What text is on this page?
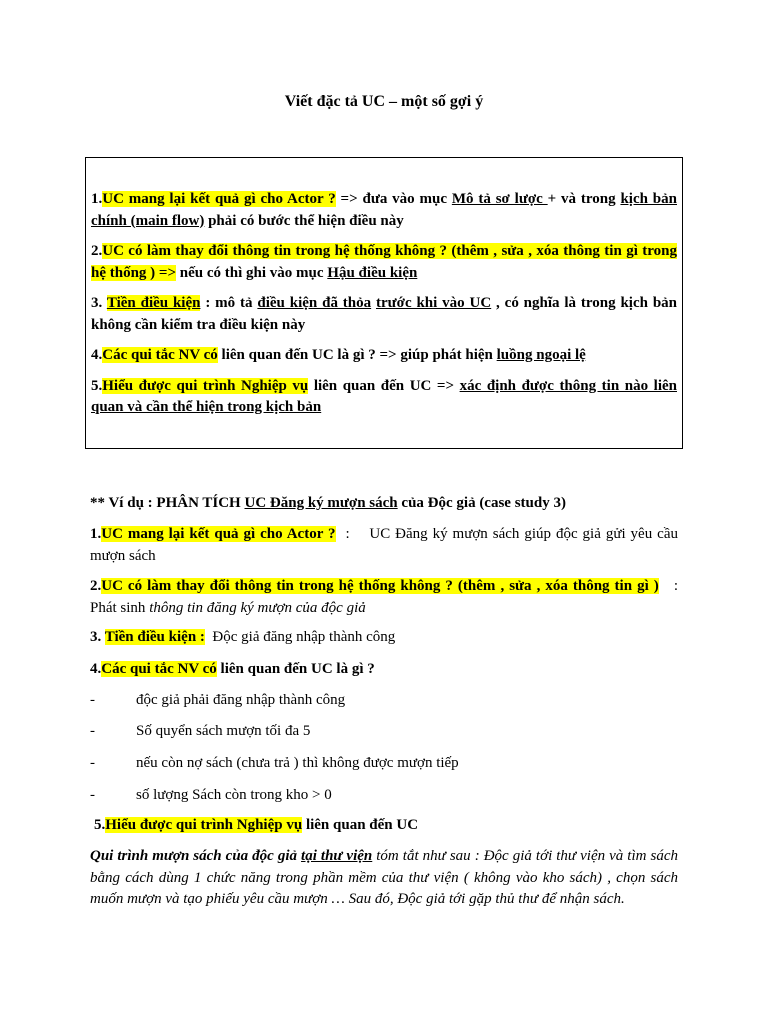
Viết đặc tả UC – một số gợi ý

1.UC mang lại kết quả gì cho Actor ? => đưa vào mục Mô tả sơ lược + và trong kịch bản chính (main flow) phải có bước thể hiện điều này

2.UC có làm thay đổi thông tin trong hệ thống không ? (thêm , sửa , xóa thông tin gì trong hệ thống ) => nếu có thì ghi vào mục Hậu điều kiện

3. Tiền điều kiện : mô tả điều kiện đã thỏa trước khi vào UC , có nghĩa là trong kịch bản không cần kiểm tra điều kiện này

4.Các qui tắc NV có liên quan đến UC là gì ? => giúp phát hiện luồng ngoại lệ

5.Hiểu được qui trình Nghiệp vụ liên quan đến UC => xác định được thông tin nào liên quan và cần thể hiện trong kịch bản

** Ví dụ : PHÂN TÍCH UC Đăng ký mượn sách của Độc giả (case study 3)

1.UC mang lại kết quả gì cho Actor ?  :    UC Đăng ký mượn sách giúp độc giả gửi yêu cầu mượn sách

2.UC có làm thay đổi thông tin trong hệ thống không ? (thêm , sửa , xóa thông tin gì )   : Phát sinh thông tin đăng ký mượn của độc giả

3. Tiền điều kiện :  Độc giả đăng nhập thành công

4.Các qui tắc NV có liên quan đến UC là gì ?

-	độc giả phải đăng nhập thành công

-	Số quyển sách mượn tối đa 5

-	nếu còn nợ sách (chưa trả ) thì không được mượn tiếp

-	số lượng Sách còn trong kho > 0

5.Hiểu được qui trình Nghiệp vụ liên quan đến UC

Qui trình mượn sách của độc giả tại thư viện tóm tắt như sau : Độc giả tới thư viện và tìm sách bằng cách dùng 1 chức năng trong phần mềm của thư viện ( không vào kho sách) , chọn sách muốn mượn và tạo phiếu yêu cầu mượn … Sau đó, Độc giả tới gặp thủ thư để nhận sách.
